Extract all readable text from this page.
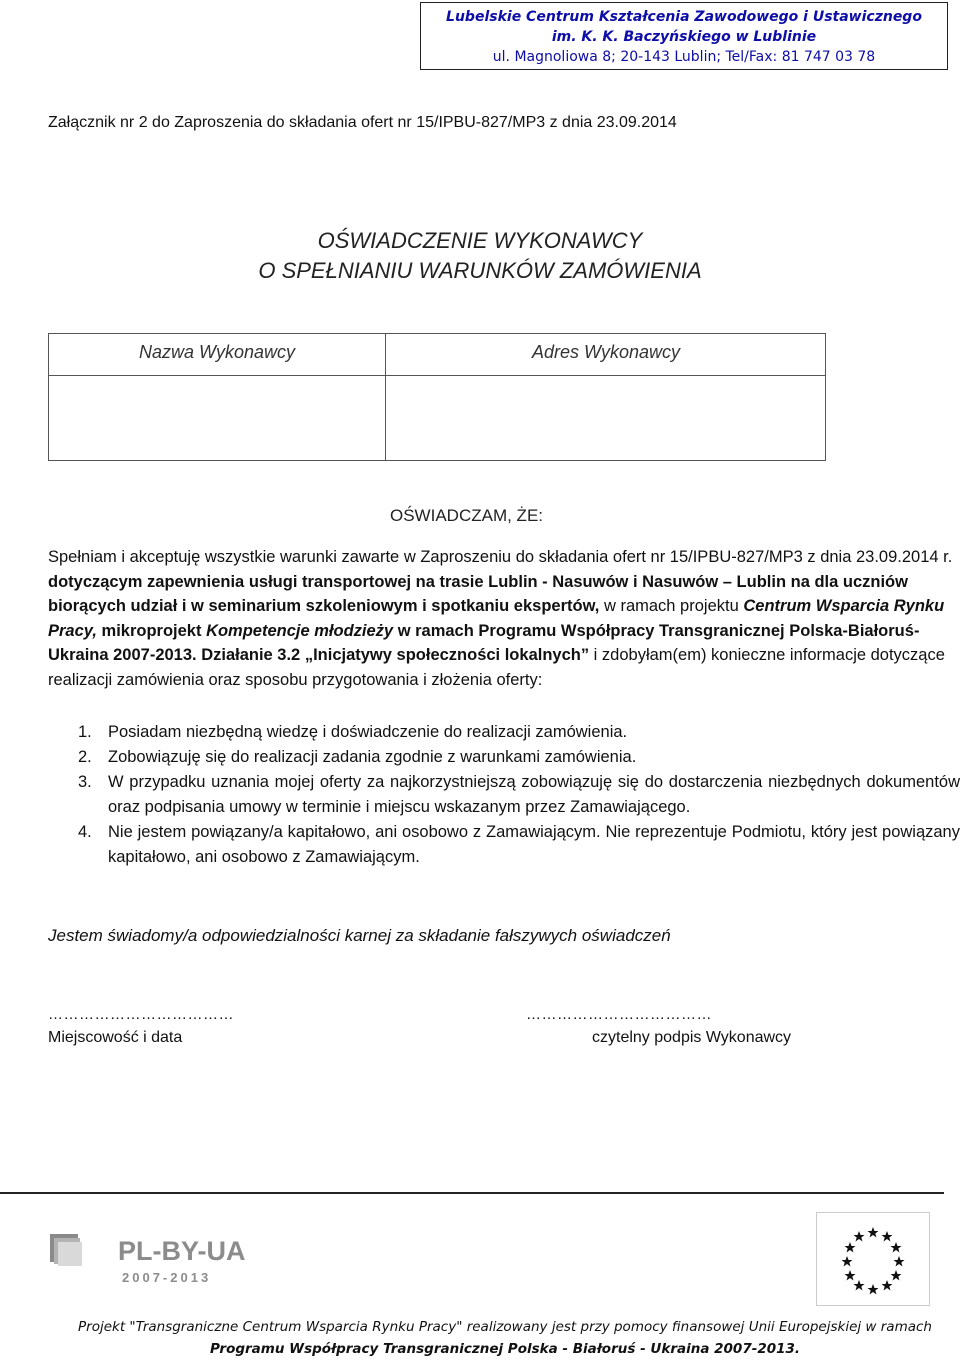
Lubelskie Centrum Kształcenia Zawodowego i Ustawicznego
im. K. K. Baczyńskiego w Lublinie
ul. Magnoliowa 8; 20-143 Lublin; Tel/Fax: 81 747 03 78
Załącznik nr 2 do Zaproszenia do składania ofert nr 15/IPBU-827/MP3 z dnia 23.09.2014
OŚWIADCZENIE WYKONAWCY
O SPEŁNIANIU WARUNKÓW ZAMÓWIENIA
Nazwa Wykonawcy	Adres Wykonawcy
OŚWIADCZAM, ŻE:
Spełniam i akceptuję wszystkie warunki zawarte w Zaproszeniu do składania ofert nr 15/IPBU-827/MP3 z dnia 23.09.2014 r. dotyczącym zapewnienia usługi transportowej na trasie Lublin - Nasuwów i Nasuwów – Lublin na dla uczniów biorących udział i w seminarium szkoleniowym i spotkaniu ekspertów, w ramach projektu Centrum Wsparcia Rynku Pracy, mikroprojekt Kompetencje młodzieży w ramach Programu Współpracy Transgranicznej Polska-Białoruś-Ukraina 2007-2013. Działanie 3.2 „Inicjatywy społeczności lokalnych” i zdobyłam(em) konieczne informacje dotyczące realizacji zamówienia oraz sposobu przygotowania i złożenia oferty:
1. Posiadam niezbędną wiedzę i doświadczenie do realizacji zamówienia.
2. Zobowiązuję się do realizacji zadania zgodnie z warunkami zamówienia.
3. W przypadku uznania mojej oferty za najkorzystniejszą zobowiązuję się do dostarczenia niezbędnych dokumentów oraz podpisania umowy w terminie i miejscu wskazanym przez Zamawiającego.
4. Nie jestem powiązany/a kapitałowo, ani osobowo z Zamawiającym. Nie reprezentuje Podmiotu, który jest powiązany kapitałowo, ani osobowo z Zamawiającym.
Jestem świadomy/a odpowiedzialności karnej za składanie fałszywych oświadczeń
………………………………	………………………………
Miejscowość i data	czytelny podpis Wykonawcy
PL-BY-UA
2007-2013
Projekt "Transgraniczne Centrum Wsparcia Rynku Pracy" realizowany jest przy pomocy finansowej Unii Europejskiej w ramach
Programu Współpracy Transgranicznej Polska - Białoruś - Ukraina 2007-2013.
